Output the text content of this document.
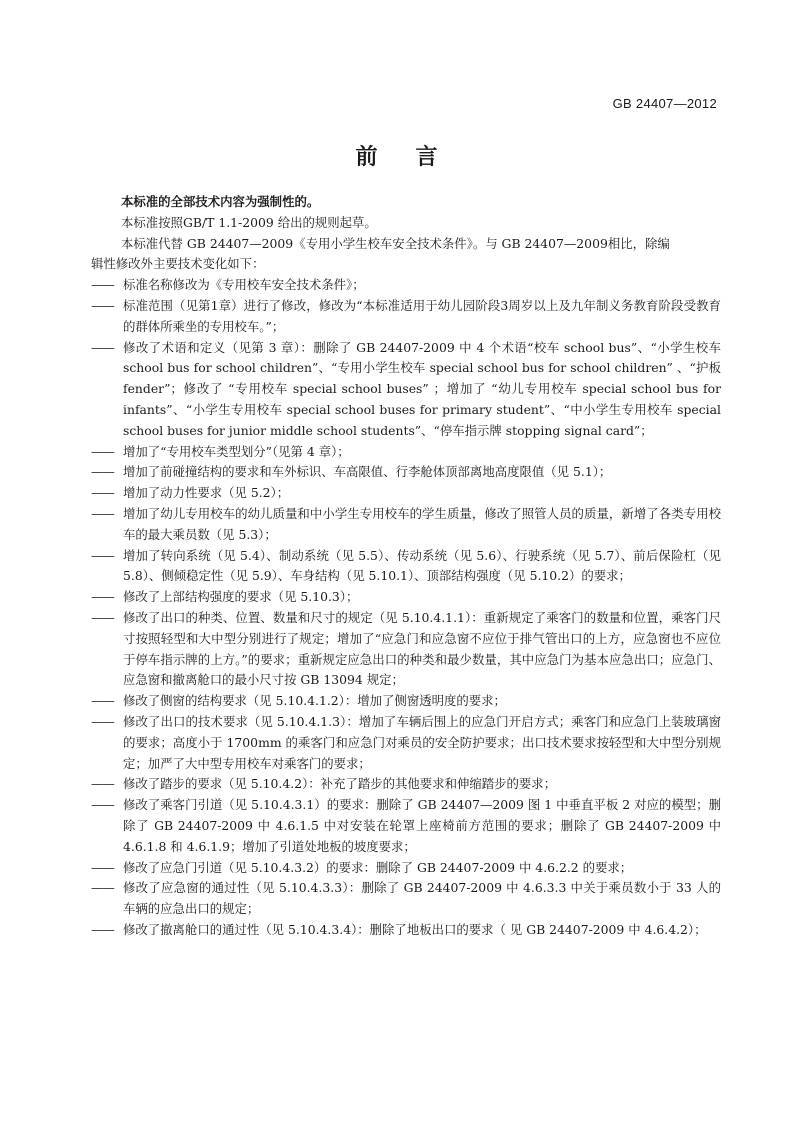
GB 24407—2012
前言

本标准的全部技术内容为强制性的。

本标准按照GB/T 1.1-2009 给出的规则起草。

本标准代替 GB 24407—2009《专用小学生校车安全技术条件》。与 GB 24407—2009相比，除编

辑性修改外主要技术变化如下：

—— 标准名称修改为《专用校车安全技术条件》；
—— 标准范围（见第1章）进行了修改，修改为“本标准适用于幼儿园阶段3周岁以上及九年制义务教育阶段受教育的群体所乘坐的专用校车。”；
—— 修改了术语和定义（见第 3 章）：删除了 GB 24407-2009 中 4 个术语“校车 school bus”、“小学生校车 school bus for school children”、“专用小学生校车 special school bus for school children” 、“护板 fender”；修改了 “专用校车 special school buses” ；增加了 “幼儿专用校车 special school bus for infants”、“小学生专用校车 special school buses for primary student”、“中小学生专用校车 special school buses for junior middle school students”、“停车指示牌 stopping signal card”；
—— 增加了“专用校车类型划分”（见第 4 章）；
—— 增加了前碰撞结构的要求和车外标识、车高限值、行李舱体顶部离地高度限值（见 5.1）；
—— 增加了动力性要求（见 5.2）；
—— 增加了幼儿专用校车的幼儿质量和中小学生专用校车的学生质量，修改了照管人员的质量，新增了各类专用校车的最大乘员数（见 5.3）；
—— 增加了转向系统（见 5.4）、制动系统（见 5.5）、传动系统（见 5.6）、行驶系统（见 5.7）、前后保险杠（见 5.8）、侧倾稳定性（见 5.9）、车身结构（见 5.10.1）、顶部结构强度（见 5.10.2）的要求；
—— 修改了上部结构强度的要求（见 5.10.3）；
—— 修改了出口的种类、位置、数量和尺寸的规定（见 5.10.4.1.1）：重新规定了乘客门的数量和位置，乘客门尺寸按照轻型和大中型分别进行了规定；增加了“应急门和应急窗不应位于排气管出口的上方，应急窗也不应位于停车指示牌的上方。”的要求；重新规定应急出口的种类和最少数量，其中应急门为基本应急出口；应急门、应急窗和撤离舱口的最小尺寸按 GB 13094 规定；
—— 修改了侧窗的结构要求（见 5.10.4.1.2）：增加了侧窗透明度的要求；
—— 修改了出口的技术要求（见 5.10.4.1.3）：增加了车辆后围上的应急门开启方式；乘客门和应急门上装玻璃窗的要求；高度小于 1700mm 的乘客门和应急门对乘员的安全防护要求；出口技术要求按轻型和大中型分别规定；加严了大中型专用校车对乘客门的要求；
—— 修改了踏步的要求（见 5.10.4.2）：补充了踏步的其他要求和伸缩踏步的要求；
—— 修改了乘客门引道（见 5.10.4.3.1）的要求：删除了 GB 24407—2009 图 1 中垂直平板 2 对应的模型；删除了 GB 24407-2009 中 4.6.1.5 中对安装在轮罩上座椅前方范围的要求；删除了 GB 24407-2009 中 4.6.1.8 和 4.6.1.9；增加了引道处地板的坡度要求；
—— 修改了应急门引道（见 5.10.4.3.2）的要求：删除了 GB 24407-2009 中 4.6.2.2 的要求；
—— 修改了应急窗的通过性（见 5.10.4.3.3）：删除了 GB 24407-2009 中 4.6.3.3 中关于乘员数小于 33 人的车辆的应急出口的规定；
—— 修改了撤离舱口的通过性（见 5.10.4.3.4）：删除了地板出口的要求（ 见 GB 24407-2009 中 4.6.4.2）；
